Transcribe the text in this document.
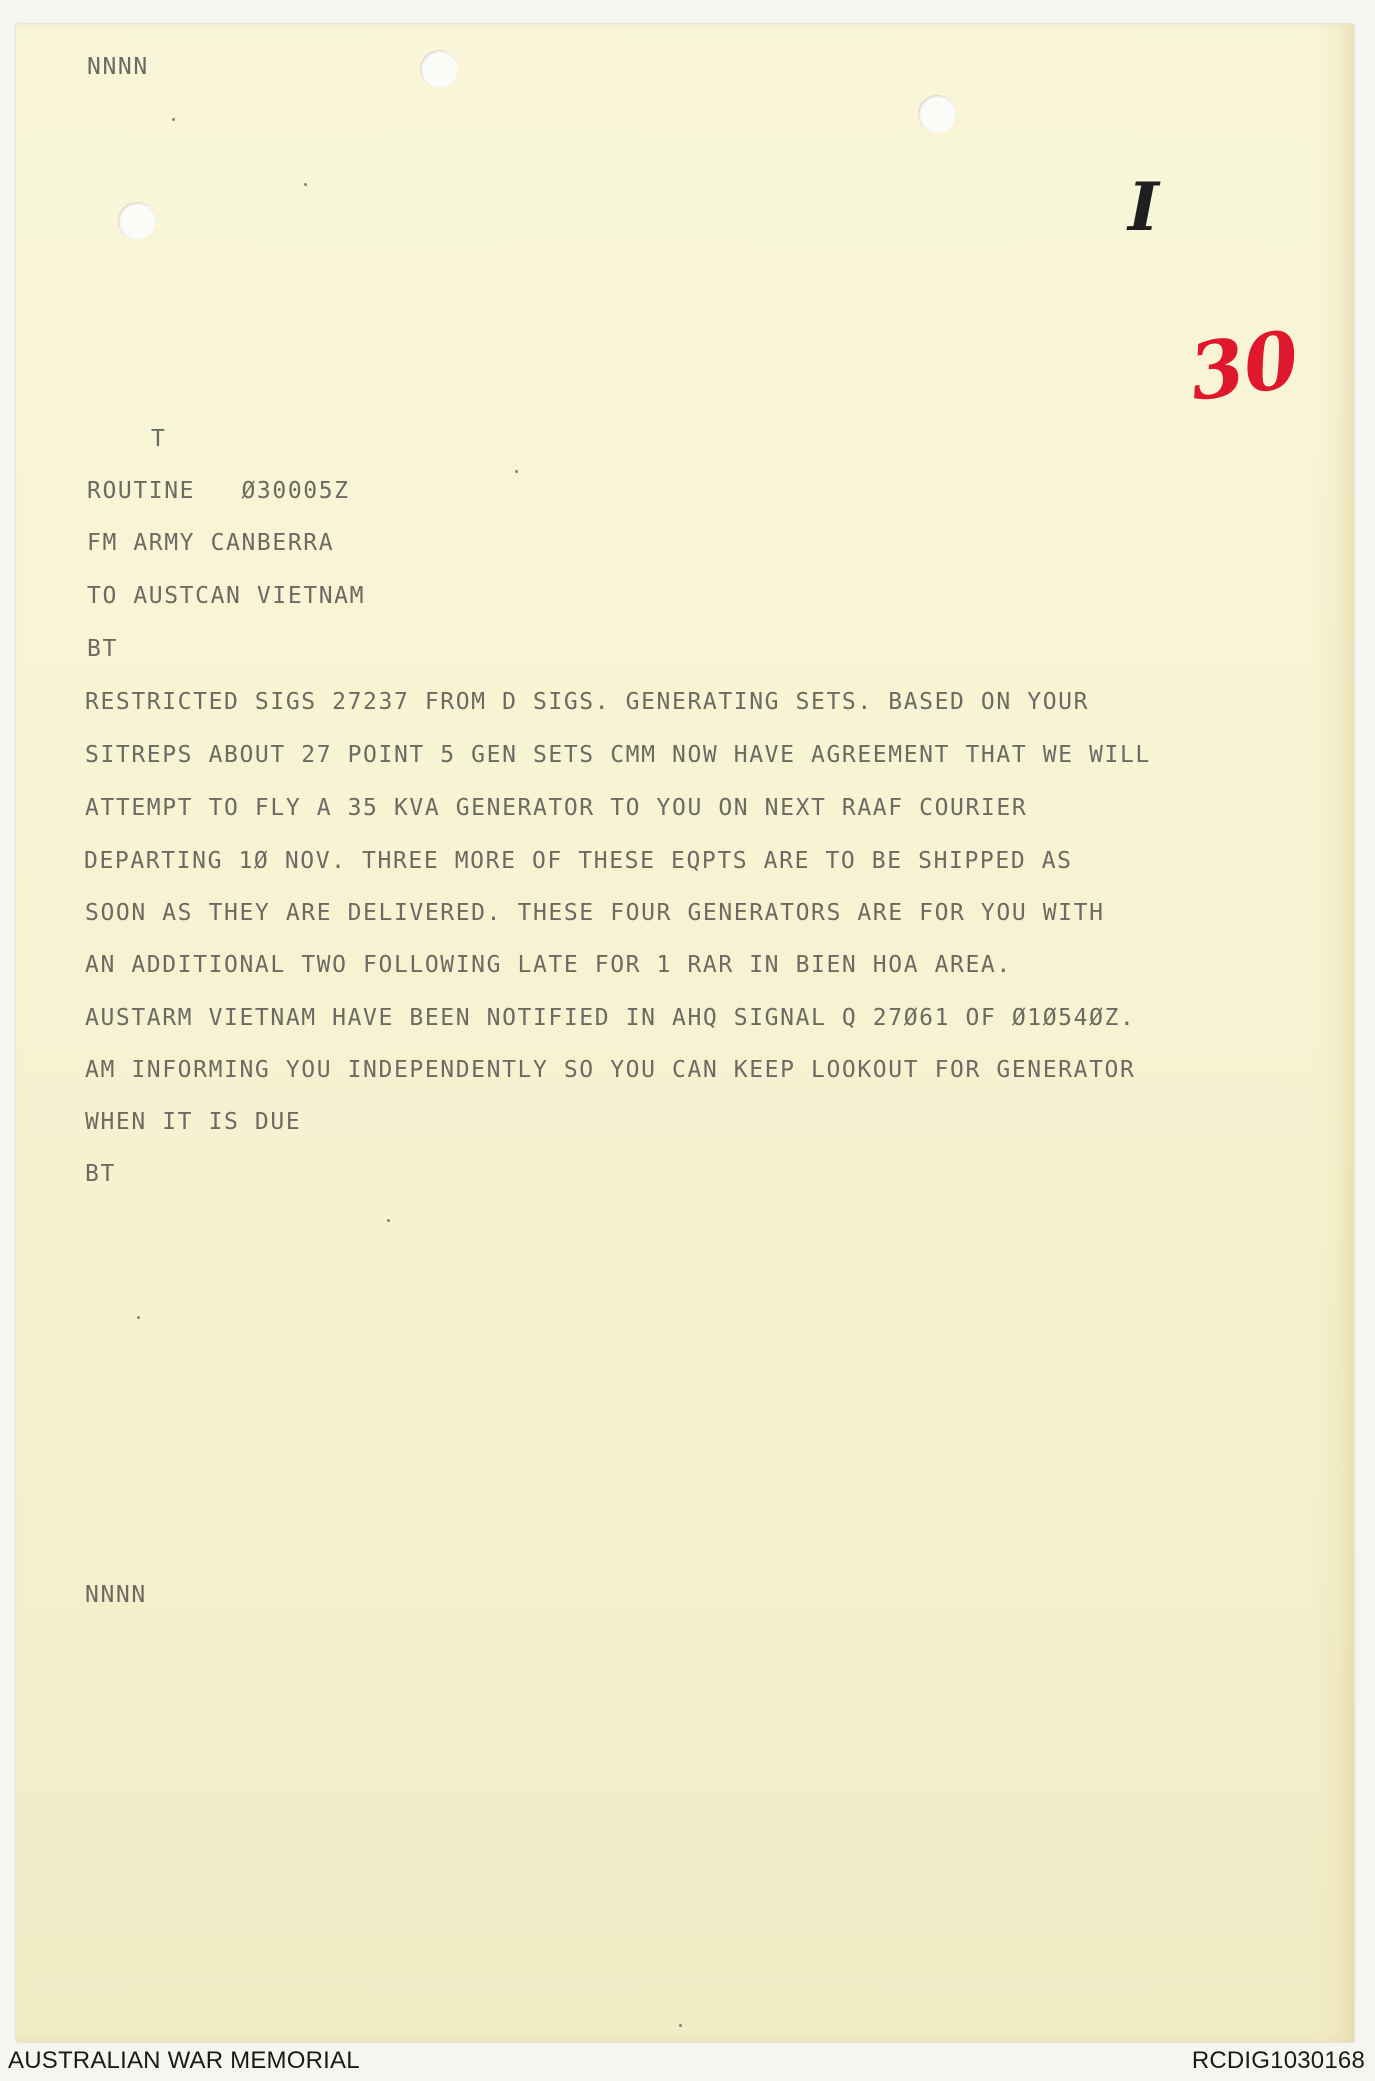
I
30
NNNN
T
ROUTINE   Ø30005Z
FM ARMY CANBERRA
TO AUSTCAN VIETNAM
BT
RESTRICTED SIGS 27237 FROM D SIGS. GENERATING SETS. BASED ON YOUR
SITREPS ABOUT 27 POINT 5 GEN SETS CMM NOW HAVE AGREEMENT THAT WE WILL
ATTEMPT TO FLY A 35 KVA GENERATOR TO YOU ON NEXT RAAF COURIER
DEPARTING 1Ø NOV. THREE MORE OF THESE EQPTS ARE TO BE SHIPPED AS
SOON AS THEY ARE DELIVERED. THESE FOUR GENERATORS ARE FOR YOU WITH
AN ADDITIONAL TWO FOLLOWING LATE FOR 1 RAR IN BIEN HOA AREA.
AUSTARM VIETNAM HAVE BEEN NOTIFIED IN AHQ SIGNAL Q 27Ø61 OF Ø1Ø54ØZ.
AM INFORMING YOU INDEPENDENTLY SO YOU CAN KEEP LOOKOUT FOR GENERATOR
WHEN IT IS DUE
BT
NNNN
AUSTRALIAN WAR MEMORIAL	RCDIG1030168
